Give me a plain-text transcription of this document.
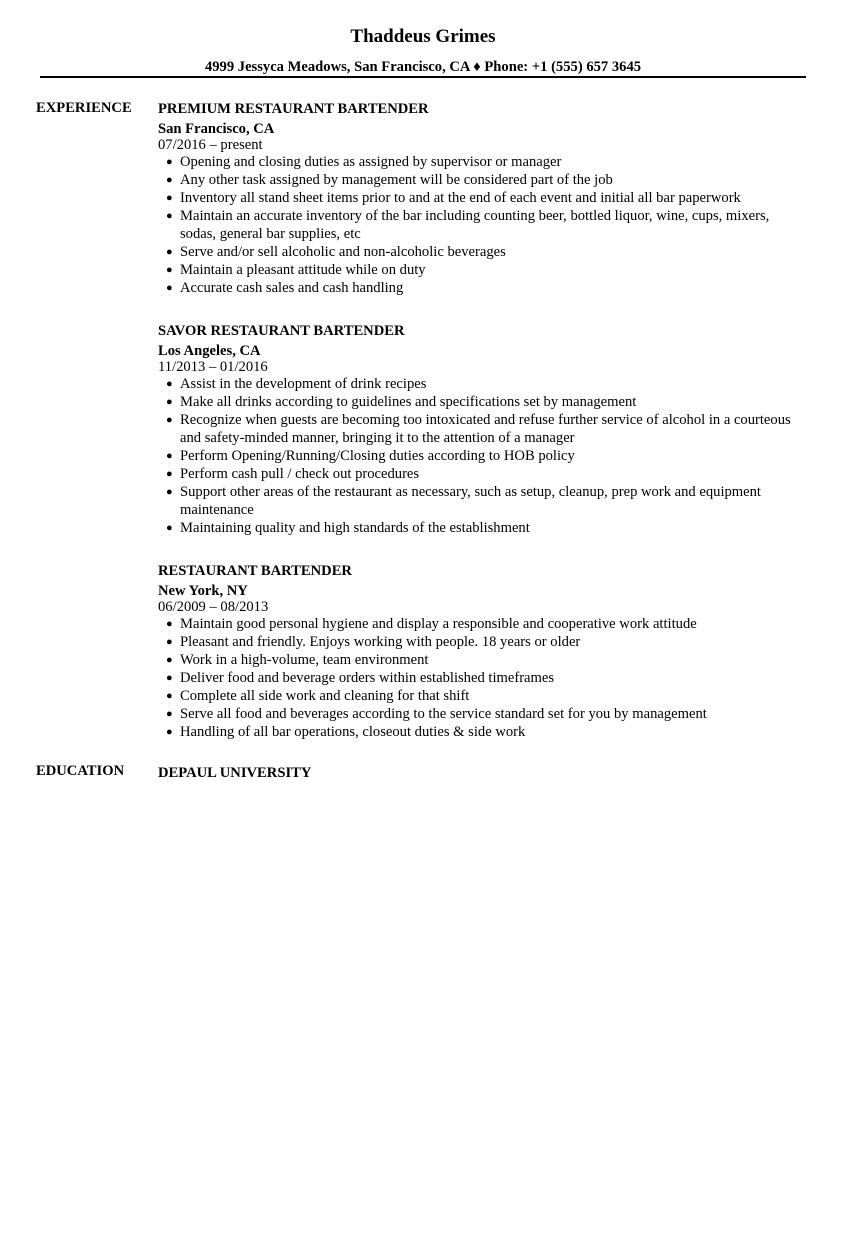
Thaddeus Grimes
4999 Jessyca Meadows, San Francisco, CA ♦ Phone: +1 (555) 657 3645
EXPERIENCE PREMIUM RESTAURANT BARTENDER
San Francisco, CA
07/2016 – present
● Opening and closing duties as assigned by supervisor or manager
● Any other task assigned by management will be considered part of the job
● Inventory all stand sheet items prior to and at the end of each event and initial all bar paperwork
● Maintain an accurate inventory of the bar including counting beer, bottled liquor, wine, cups, mixers, sodas, general bar supplies, etc
● Serve and/or sell alcoholic and non-alcoholic beverages
● Maintain a pleasant attitude while on duty
● Accurate cash sales and cash handling
SAVOR RESTAURANT BARTENDER
Los Angeles, CA
11/2013 – 01/2016
● Assist in the development of drink recipes
● Make all drinks according to guidelines and specifications set by management
● Recognize when guests are becoming too intoxicated and refuse further service of alcohol in a courteous and safety-minded manner, bringing it to the attention of a manager
● Perform Opening/Running/Closing duties according to HOB policy
● Perform cash pull / check out procedures
● Support other areas of the restaurant as necessary, such as setup, cleanup, prep work and equipment maintenance
● Maintaining quality and high standards of the establishment
RESTAURANT BARTENDER
New York, NY
06/2009 – 08/2013
● Maintain good personal hygiene and display a responsible and cooperative work attitude
● Pleasant and friendly. Enjoys working with people. 18 years or older
● Work in a high-volume, team environment
● Deliver food and beverage orders within established timeframes
● Complete all side work and cleaning for that shift
● Serve all food and beverages according to the service standard set for you by management
● Handling of all bar operations, closeout duties & side work
EDUCATION DEPAUL UNIVERSITY
